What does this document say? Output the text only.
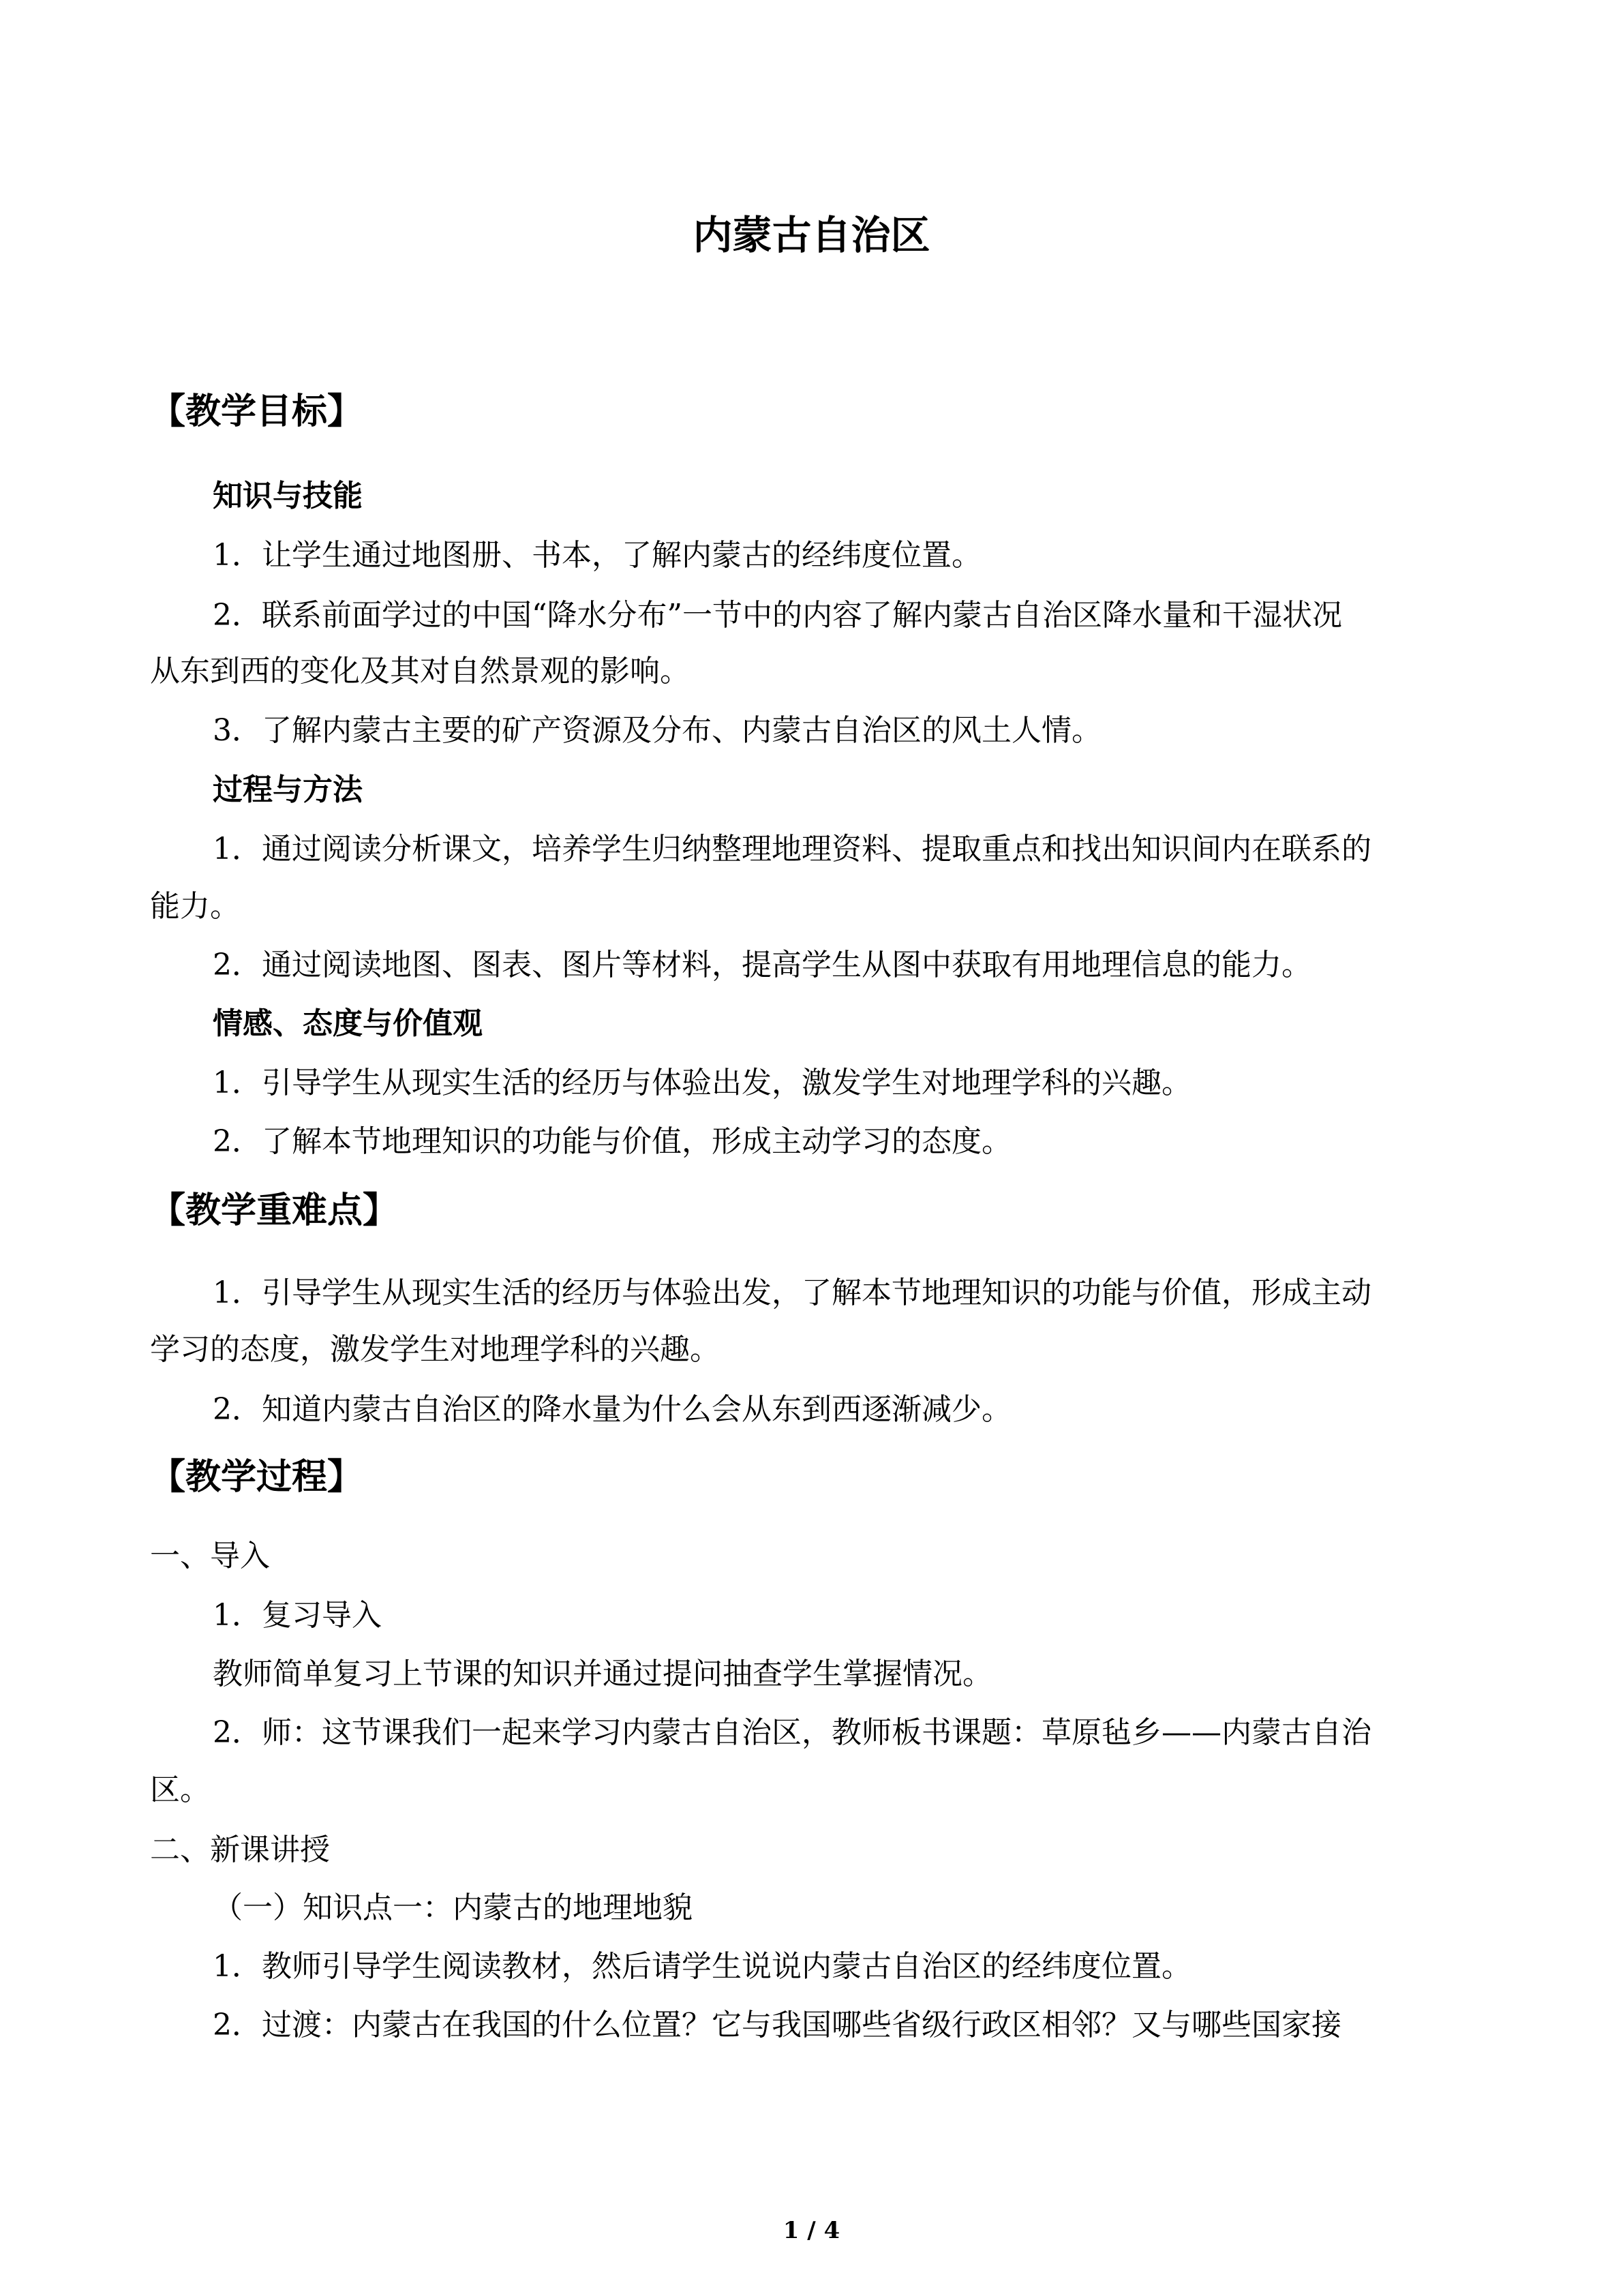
内蒙古自治区
【教学目标】
知识与技能
1．让学生通过地图册、书本，了解内蒙古的经纬度位置。
2．联系前面学过的中国“降水分布”一节中的内容了解内蒙古自治区降水量和干湿状况
从东到西的变化及其对自然景观的影响。
3．了解内蒙古主要的矿产资源及分布、内蒙古自治区的风土人情。
过程与方法
1．通过阅读分析课文，培养学生归纳整理地理资料、提取重点和找出知识间内在联系的
能力。
2．通过阅读地图、图表、图片等材料，提高学生从图中获取有用地理信息的能力。
情感、态度与价值观
1．引导学生从现实生活的经历与体验出发，激发学生对地理学科的兴趣。
2．了解本节地理知识的功能与价值，形成主动学习的态度。
【教学重难点】
1．引导学生从现实生活的经历与体验出发，了解本节地理知识的功能与价值，形成主动
学习的态度，激发学生对地理学科的兴趣。
2．知道内蒙古自治区的降水量为什么会从东到西逐渐减少。
【教学过程】
一、导入
1．复习导入
教师简单复习上节课的知识并通过提问抽查学生掌握情况。
2．师：这节课我们一起来学习内蒙古自治区，教师板书课题：草原毡乡——内蒙古自治
区。
二、新课讲授
（一）知识点一：内蒙古的地理地貌
1．教师引导学生阅读教材，然后请学生说说内蒙古自治区的经纬度位置。
2．过渡：内蒙古在我国的什么位置？它与我国哪些省级行政区相邻？又与哪些国家接
1 / 4
